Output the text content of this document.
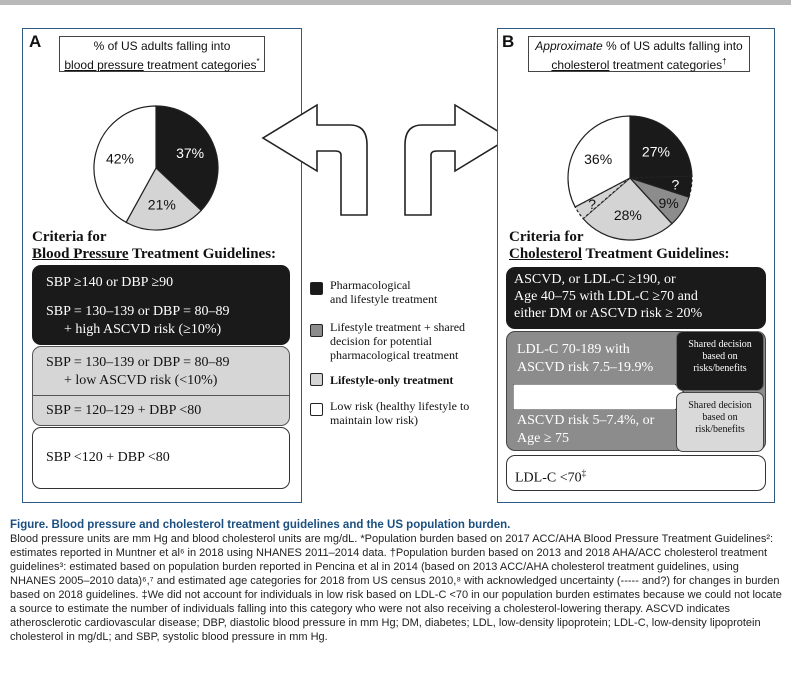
A	% of US adults falling into
blood pressure treatment categories*
37%
21%
42%
Criteria for
Blood Pressure Treatment Guidelines:
SBP ≥140 or DBP ≥90
SBP = 130–139 or DBP = 80–89
+ high ASCVD risk (≥10%)
SBP = 130–139 or DBP = 80–89
+ low ASCVD risk (<10%)
SBP = 120–129 + DBP <80
SBP <120 + DBP <80
Pharmacological
and lifestyle treatment
Lifestyle treatment + shared
decision for potential
pharmacological treatment
Lifestyle-only treatment
Low risk (healthy lifestyle to
maintain low risk)
B	Approximate % of US adults falling into
cholesterol treatment categories†
27%
?
9%
28%
?
36%
Criteria for
Cholesterol Treatment Guidelines:
ASCVD, or LDL-C ≥190, or
Age 40–75 with LDL-C ≥70 and
either DM or ASCVD risk ≥ 20%
LDL-C 70-189 with
ASCVD risk 7.5–19.9%
Patient/clinician discussion
ASCVD risk 5–7.4%, or
Age ≥ 75
Shared decision based on risks/benefits
Shared decision based on risk/benefits
LDL-C <70‡
Figure. Blood pressure and cholesterol treatment guidelines and the US population burden.
Blood pressure units are mm Hg and blood cholesterol units are mg/dL. *Population burden based on 2017 ACC/AHA Blood Pressure Treatment Guidelines²: estimates reported in Muntner et al⁶ in 2018 using NHANES 2011–2014 data. †Population burden based on 2013 and 2018 AHA/ACC cholesterol treatment guidelines³: estimated based on population burden reported in Pencina et al in 2014 (based on 2013 ACC/AHA cholesterol treatment guidelines, using NHANES 2005–2010 data)⁶,⁷ and estimated age categories for 2018 from US census 2010,⁸ with acknowledged uncertainty (----- and?) for changes in burden based on 2018 guidelines. ‡We did not account for individuals in low risk based on LDL-C <70 in our population burden estimates because we could not locate a source to estimate the number of individuals falling into this category who were not also receiving a cholesterol-lowering therapy. ASCVD indicates atherosclerotic cardiovascular disease; DBP, diastolic blood pressure in mm Hg; DM, diabetes; LDL, low-density lipoprotein; LDL-C, low-density lipoprotein cholesterol in mg/dL; and SBP, systolic blood pressure in mm Hg.
